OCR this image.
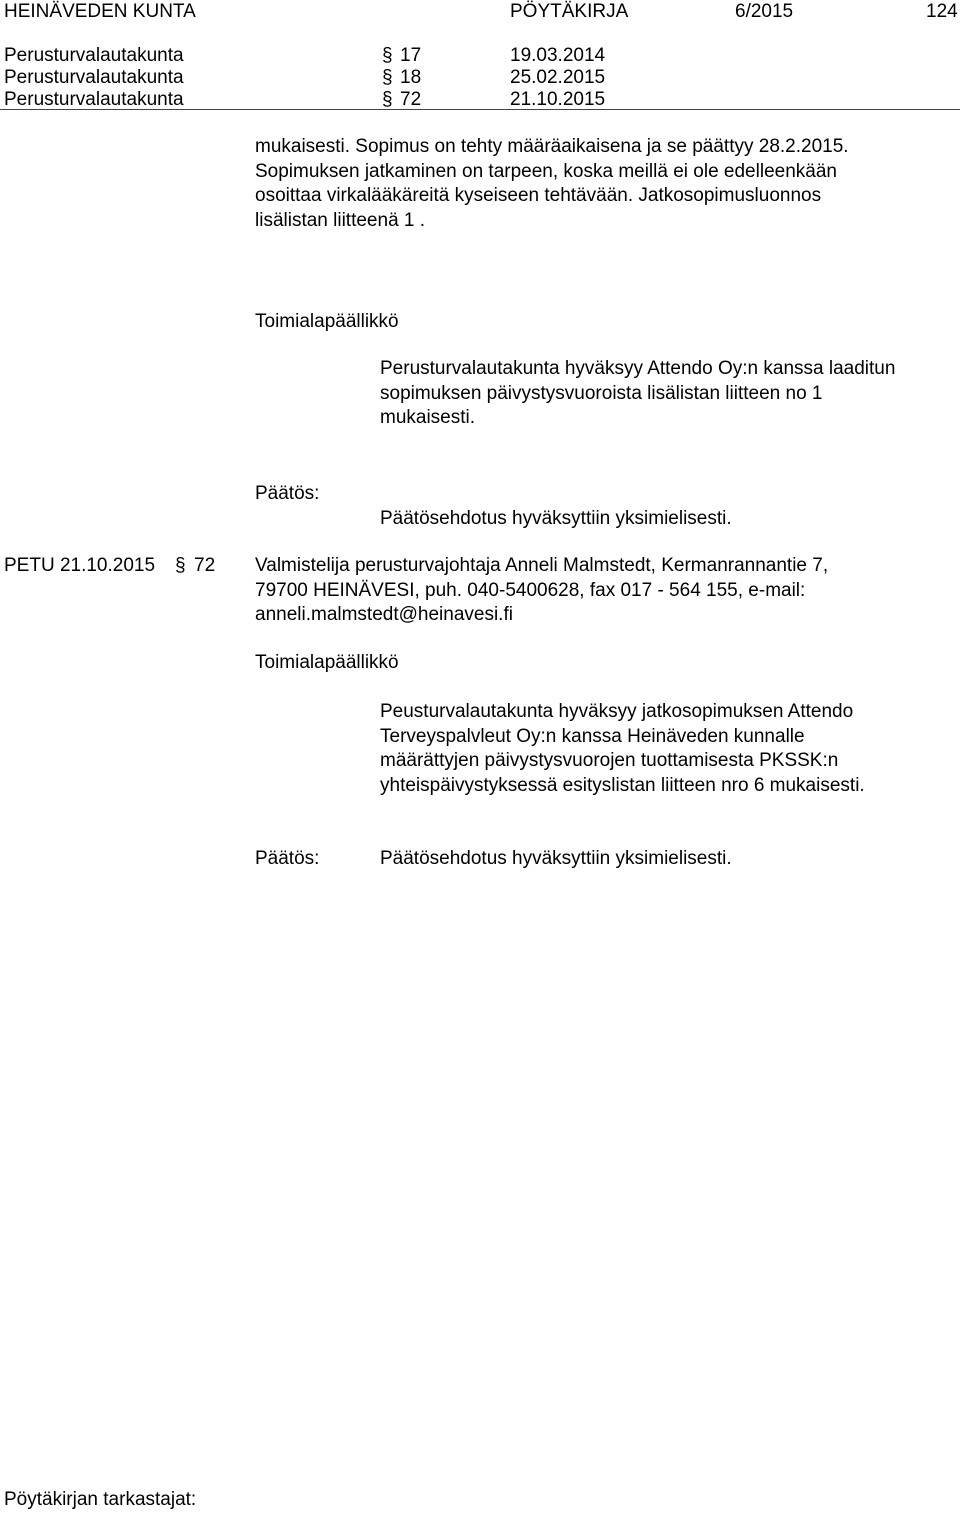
HEINÄVEDEN KUNTA	PÖYTÄKIRJA	6/2015	124
Perusturvalautakunta	§ 17	19.03.2014
Perusturvalautakunta	§ 18	25.02.2015
Perusturvalautakunta	§ 72	21.10.2015
mukaisesti. Sopimus on tehty määräaikaisena ja se päättyy 28.2.2015.
Sopimuksen jatkaminen on tarpeen, koska meillä ei ole edelleenkään
osoittaa virkalääkäreitä kyseiseen tehtävään. Jatkosopimusluonnos
lisälistan liitteenä 1 .
Toimialapäällikkö
Perusturvalautakunta hyväksyy Attendo Oy:n kanssa laaditun
sopimuksen päivystysvuoroista lisälistan liitteen no 1
mukaisesti.
Päätös:
Päätösehdotus hyväksyttiin yksimielisesti.
PETU 21.10.2015 § 72 Valmistelija perusturvajohtaja Anneli Malmstedt, Kermanrannantie 7,
79700 HEINÄVESI, puh. 040-5400628, fax 017 - 564 155, e-mail:
anneli.malmstedt@heinavesi.fi
Toimialapäällikkö
Peusturvalautakunta hyväksyy jatkosopimuksen Attendo
Terveyspalvleut Oy:n kanssa Heinäveden kunnalle
määrättyjen päivystysvuorojen tuottamisesta PKSSK:n
yhteispäivystyksessä esityslistan liitteen nro 6 mukaisesti.
Päätös:	Päätösehdotus hyväksyttiin yksimielisesti.
Pöytäkirjan tarkastajat:
